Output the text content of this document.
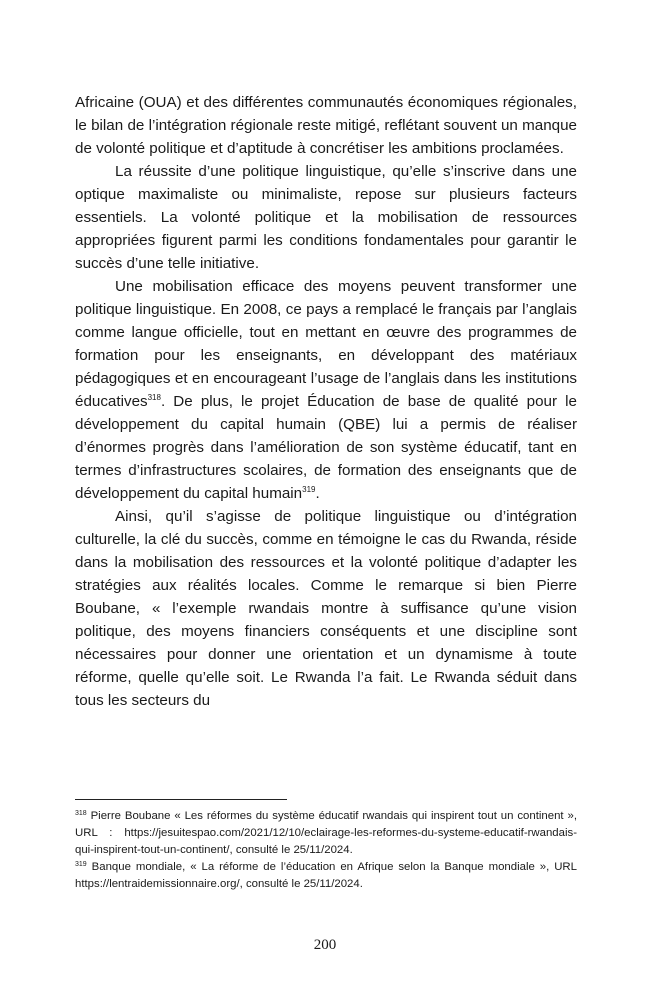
Africaine (OUA) et des différentes communautés économiques régionales, le bilan de l’intégration régionale reste mitigé, reflétant souvent un manque de volonté politique et d’aptitude à concrétiser les ambitions proclamées.

La réussite d’une politique linguistique, qu’elle s’inscrive dans une optique maximaliste ou minimaliste, repose sur plusieurs facteurs essentiels. La volonté politique et la mobilisation de ressources appropriées figurent parmi les conditions fondamentales pour garantir le succès d’une telle initiative.

Une mobilisation efficace des moyens peuvent transformer une politique linguistique. En 2008, ce pays a remplacé le français par l’anglais comme langue officielle, tout en mettant en œuvre des programmes de formation pour les enseignants, en développant des matériaux pédagogiques et en encourageant l’usage de l’anglais dans les institutions éducatives$^{318}$. De plus, le projet Éducation de base de qualité pour le développement du capital humain (QBE) lui a permis de réaliser d’énormes progrès dans l’amélioration de son système éducatif, tant en termes d’infrastructures scolaires, de formation des enseignants que de développement du capital humain$^{319}$.

Ainsi, qu’il s’agisse de politique linguistique ou d’intégration culturelle, la clé du succès, comme en témoigne le cas du Rwanda, réside dans la mobilisation des ressources et la volonté politique d’adapter les stratégies aux réalités locales. Comme le remarque si bien Pierre Boubane, « l’exemple rwandais montre à suffisance qu’une vision politique, des moyens financiers conséquents et une discipline sont nécessaires pour donner une orientation et un dynamisme à toute réforme, quelle qu’elle soit. Le Rwanda l’a fait. Le Rwanda séduit dans tous les secteurs du

$^{318}$ Pierre Boubane « Les réformes du système éducatif rwandais qui inspirent tout un continent », URL : https://jesuitespao.com/2021/12/10/eclairage-les-reformes-du-systeme-educatif-rwandais-qui-inspirent-tout-un-continent/, consulté le 25/11/2024.

$^{319}$ Banque mondiale, « La réforme de l’éducation en Afrique selon la Banque mondiale », URL https://lentraidemissionnaire.org/, consulté le 25/11/2024.

200
